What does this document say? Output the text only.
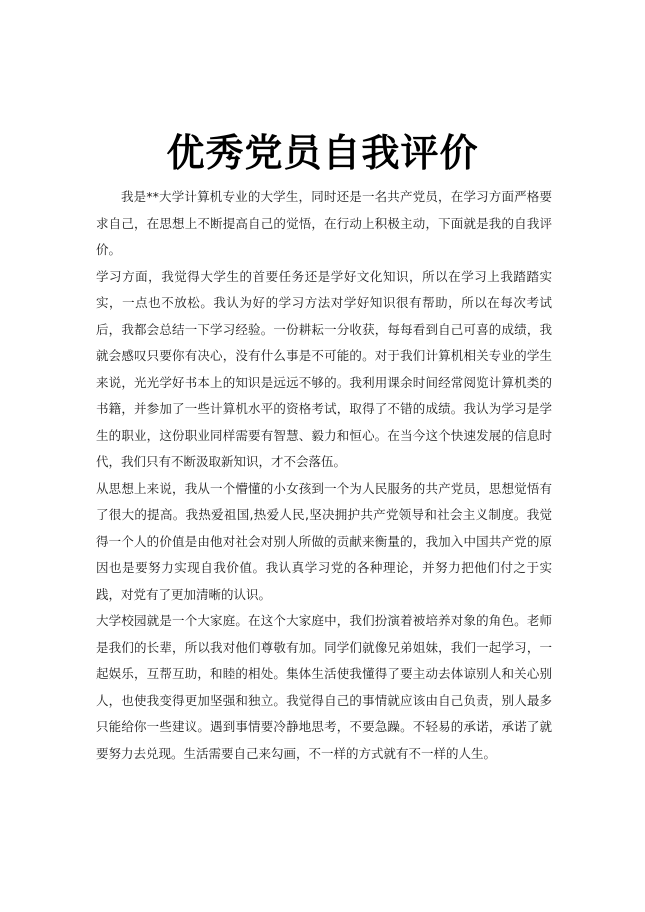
优秀党员自我评价

我是**大学计算机专业的大学生，同时还是一名共产党员，在学习方面严格要求自己，在思想上不断提高自己的觉悟，在行动上积极主动，下面就是我的自我评价。

学习方面，我觉得大学生的首要任务还是学好文化知识，所以在学习上我踏踏实实，一点也不放松。我认为好的学习方法对学好知识很有帮助，所以在每次考试后，我都会总结一下学习经验。一份耕耘一分收获，每每看到自己可喜的成绩，我就会感叹只要你有决心，没有什么事是不可能的。对于我们计算机相关专业的学生来说，光光学好书本上的知识是远远不够的。我利用课余时间经常阅览计算机类的书籍，并参加了一些计算机水平的资格考试，取得了不错的成绩。我认为学习是学生的职业，这份职业同样需要有智慧、毅力和恒心。在当今这个快速发展的信息时代，我们只有不断汲取新知识，才不会落伍。

从思想上来说，我从一个懵懂的小女孩到一个为人民服务的共产党员，思想觉悟有了很大的提高。我热爱祖国,热爱人民,坚决拥护共产党领导和社会主义制度。我觉得一个人的价值是由他对社会对别人所做的贡献来衡量的，我加入中国共产党的原因也是要努力实现自我价值。我认真学习党的各种理论，并努力把他们付之于实践，对党有了更加清晰的认识。

大学校园就是一个大家庭。在这个大家庭中，我们扮演着被培养对象的角色。老师是我们的长辈，所以我对他们尊敬有加。同学们就像兄弟姐妹，我们一起学习，一起娱乐，互帮互助，和睦的相处。集体生活使我懂得了要主动去体谅别人和关心别人，也使我变得更加坚强和独立。我觉得自己的事情就应该由自己负责，别人最多只能给你一些建议。遇到事情要冷静地思考，不要急躁。不轻易的承诺，承诺了就要努力去兑现。生活需要自己来勾画，不一样的方式就有不一样的人生。
